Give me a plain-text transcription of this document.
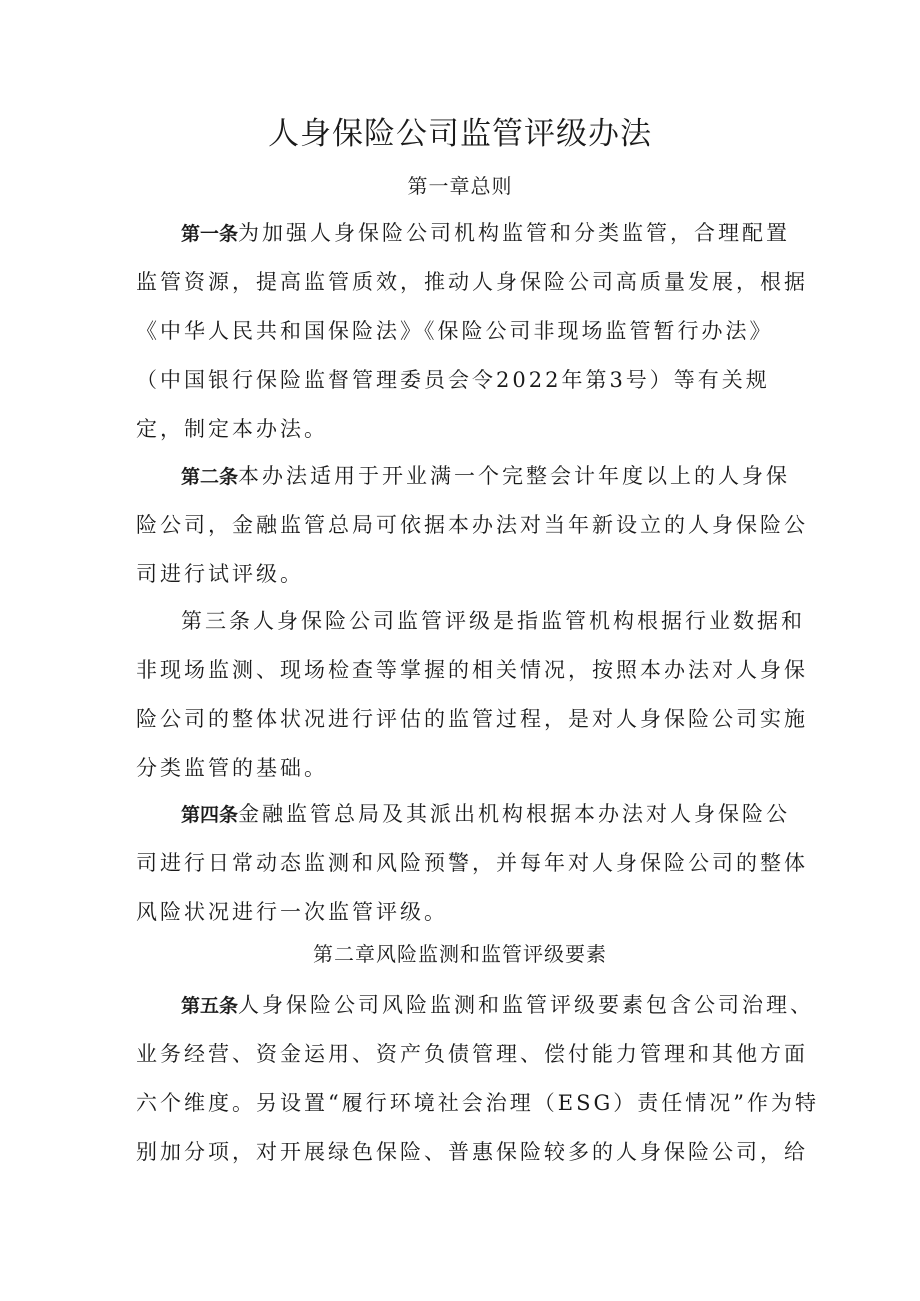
人身保险公司监管评级办法
第一章总则

第一条为加强人身保险公司机构监管和分类监管，合理配置

监管资源，提高监管质效，推动人身保险公司高质量发展，根据

《中华人民共和国保险法》《保险公司非现场监管暂行办法》

（中国银行保险监督管理委员会令2022年第3号）等有关规

定，制定本办法。

第二条本办法适用于开业满一个完整会计年度以上的人身保

险公司，金融监管总局可依据本办法对当年新设立的人身保险公

司进行试评级。

第三条人身保险公司监管评级是指监管机构根据行业数据和

非现场监测、现场检查等掌握的相关情况，按照本办法对人身保

险公司的整体状况进行评估的监管过程，是对人身保险公司实施

分类监管的基础。

第四条金融监管总局及其派出机构根据本办法对人身保险公

司进行日常动态监测和风险预警，并每年对人身保险公司的整体

风险状况进行一次监管评级。

第二章风险监测和监管评级要素

第五条人身保险公司风险监测和监管评级要素包含公司治理、

业务经营、资金运用、资产负债管理、偿付能力管理和其他方面

六个维度。另设置“履行环境社会治理（ESG）责任情况”作为特

别加分项，对开展绿色保险、普惠保险较多的人身保险公司，给
